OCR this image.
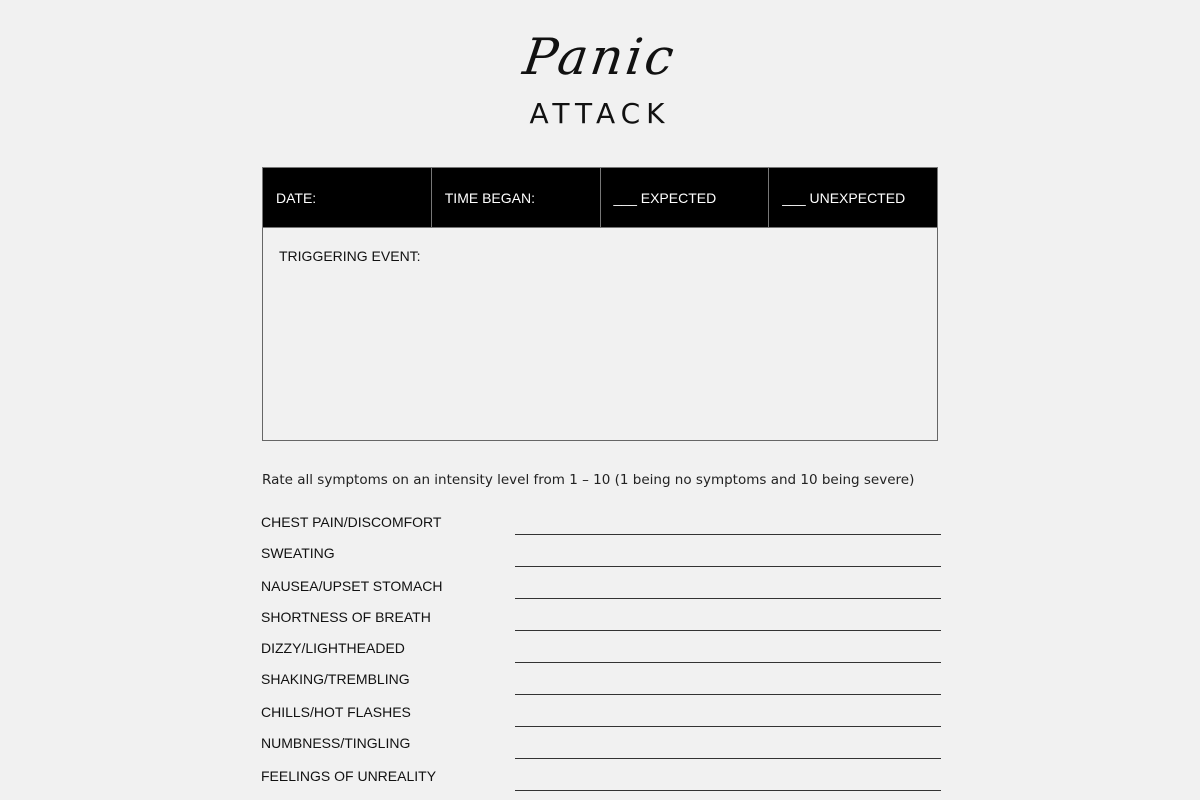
Panic
ATTACK
DATE:	TIME BEGAN:	___ EXPECTED	___ UNEXPECTED
TRIGGERING EVENT:
Rate all symptoms on an intensity level from 1 – 10 (1 being no symptoms and 10 being severe)
CHEST PAIN/DISCOMFORT
SWEATING
NAUSEA/UPSET STOMACH
SHORTNESS OF BREATH
DIZZY/LIGHTHEADED
SHAKING/TREMBLING
CHILLS/HOT FLASHES
NUMBNESS/TINGLING
FEELINGS OF UNREALITY
